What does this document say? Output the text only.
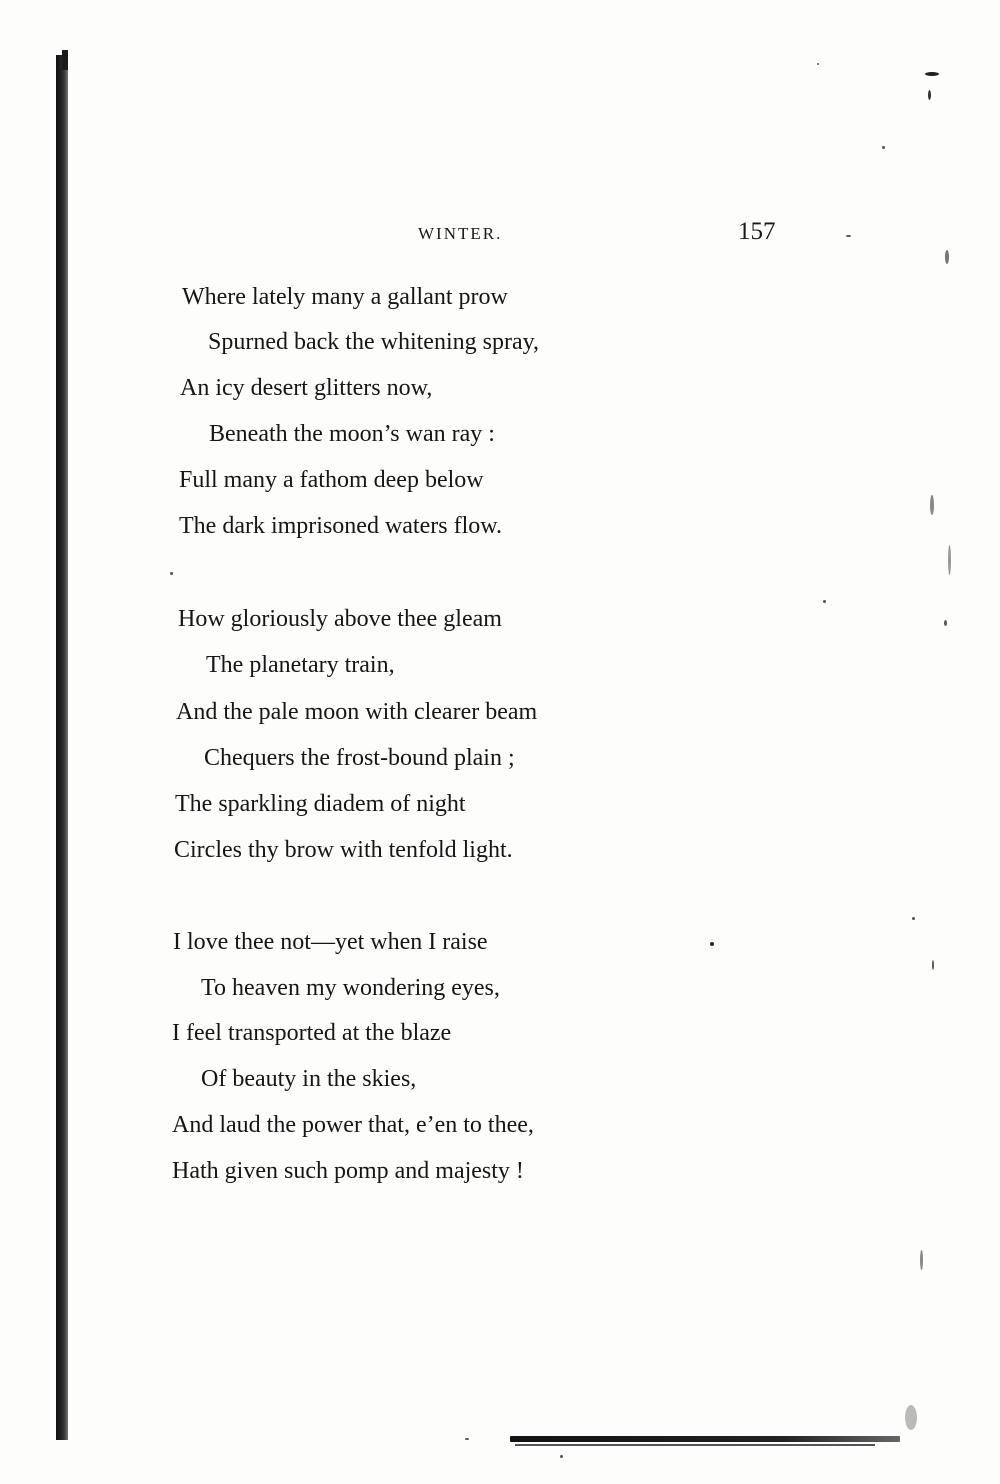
WINTER.	157
Where lately many a gallant prow
Spurned back the whitening spray,
An icy desert glitters now,
Beneath the moon’s wan ray :
Full many a fathom deep below
The dark imprisoned waters flow.
How gloriously above thee gleam
The planetary train,
And the pale moon with clearer beam
Chequers the frost-bound plain ;
The sparkling diadem of night
Circles thy brow with tenfold light.
I love thee not—yet when I raise
To heaven my wondering eyes,
I feel transported at the blaze
Of beauty in the skies,
And laud the power that, e’en to thee,
Hath given such pomp and majesty !
